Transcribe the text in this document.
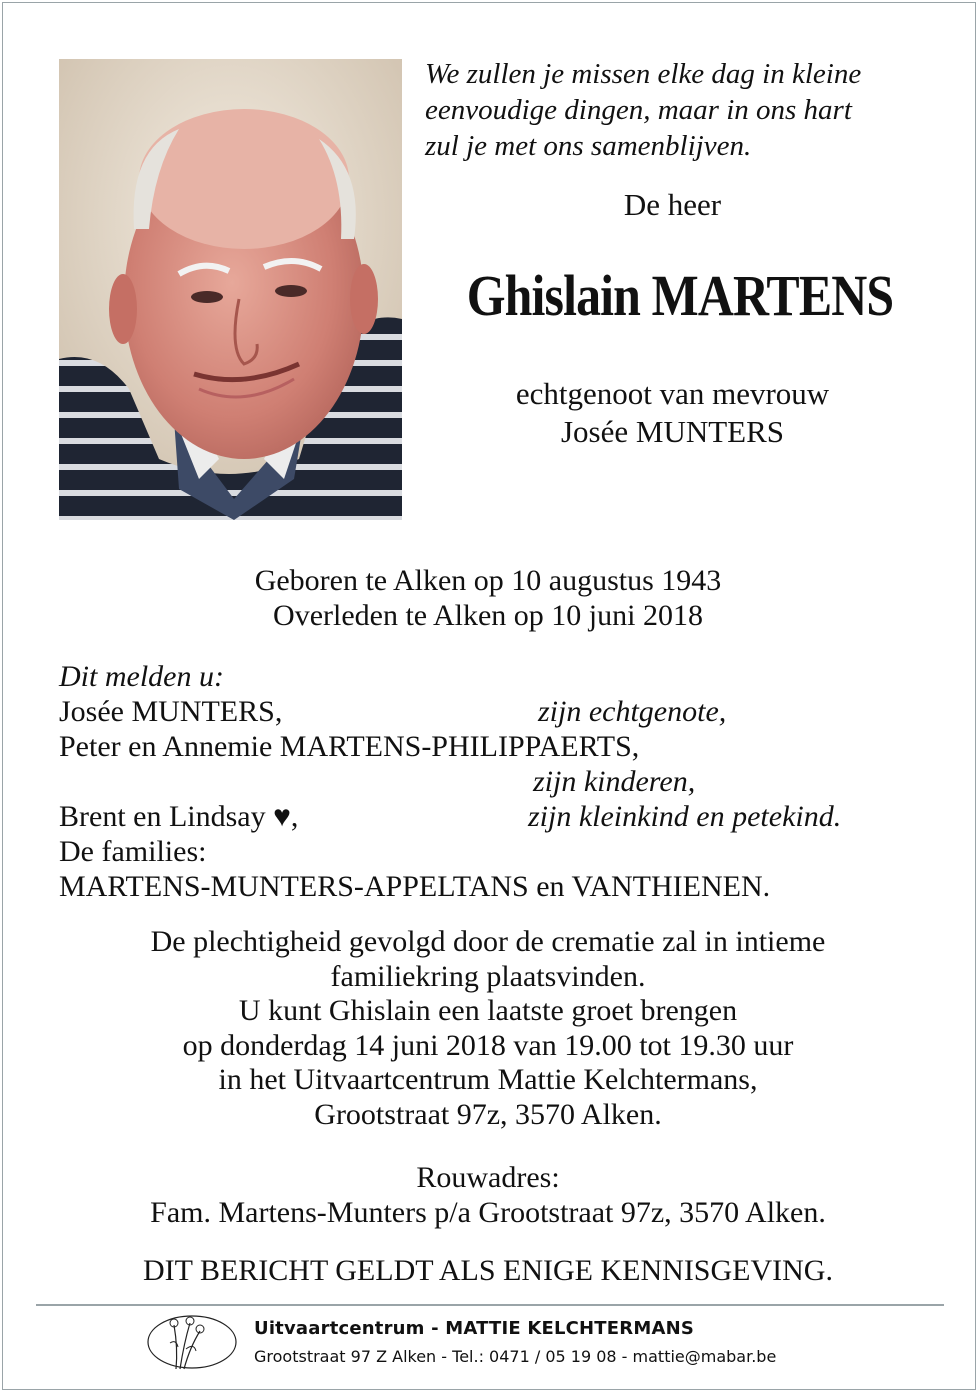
We zullen je missen elke dag in kleine
eenvoudige dingen, maar in ons hart
zul je met ons samenblijven.
De heer
Ghislain MARTENS
echtgenoot van mevrouw
Josée MUNTERS
Geboren te Alken op 10 augustus 1943
Overleden te Alken op 10 juni 2018
Dit melden u:
Josée MUNTERS,	zijn echtgenote,
Peter en Annemie MARTENS-PHILIPPAERTS,
zijn kinderen,
Brent en Lindsay ♥,	zijn kleinkind en petekind.
De families:
MARTENS-MUNTERS-APPELTANS en VANTHIENEN.
De plechtigheid gevolgd door de crematie zal in intieme
familiekring plaatsvinden.
U kunt Ghislain een laatste groet brengen
op donderdag 14 juni 2018 van 19.00 tot 19.30 uur
in het Uitvaartcentrum Mattie Kelchtermans,
Grootstraat 97z, 3570 Alken.
Rouwadres:
Fam. Martens-Munters p/a Grootstraat 97z, 3570 Alken.
DIT BERICHT GELDT ALS ENIGE KENNISGEVING.
Uitvaartcentrum - MATTIE KELCHTERMANS
Grootstraat 97 Z Alken - Tel.: 0471 / 05 19 08 - mattie@mabar.be
